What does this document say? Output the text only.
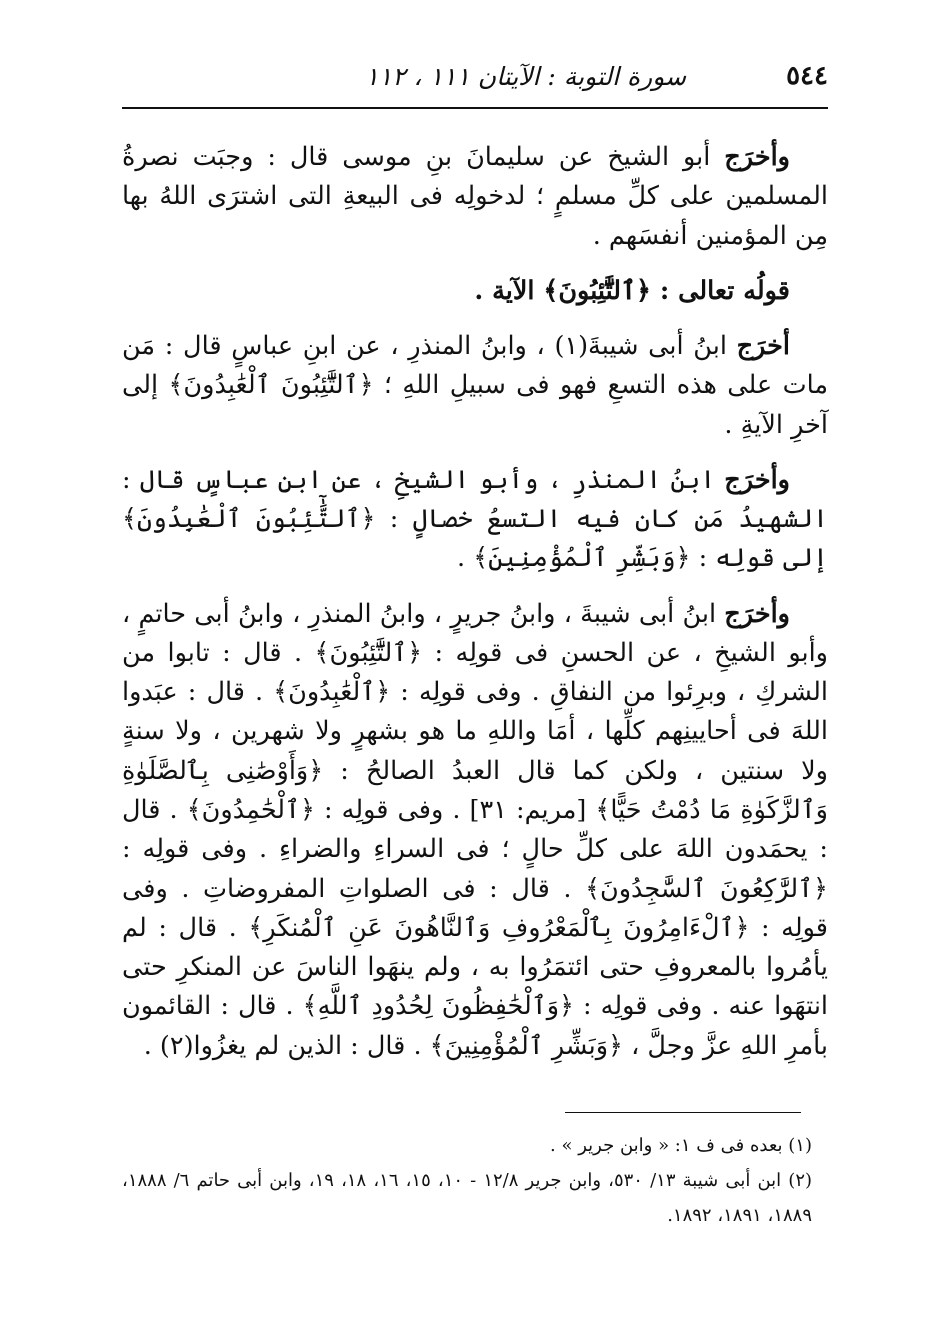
٥٤٤
سورة التوبة : الآيتان ١١١ ، ١١٢

وأخرَج أبو الشيخ عن سليمانَ بنِ موسى قال : وجبَت نصرةُ المسلمين على كلِّ مسلمٍ ؛ لدخولِه فى البيعةِ التى اشترَى اللهُ بها مِن المؤمنين أنفسَهم .

قولُه تعالى : ﴿ٱلتَّٰٓئِبُونَ﴾ الآية .

أخرَج ابنُ أبى شيبةَ(١) ، وابنُ المنذرِ ، عن ابنِ عباسٍ قال : مَن مات على هذه التسعِ فهو فى سبيلِ اللهِ ؛ ﴿ٱلتَّٰٓئِبُونَ ٱلْعَٰبِدُونَ﴾ إلى آخرِ الآيةِ .

وأخرَج ابنُ المنذرِ ، وأبو الشيخِ ، عن ابنِ عباسٍ قال : الشهيدُ مَن كان فيه التسعُ خصالٍ : ﴿ٱلتَّٰٓئِبُونَ ٱلْعَٰبِدُونَ﴾ إلى قولِه : ﴿وَبَشِّرِ ٱلْمُؤْمِنِينَ﴾ .

وأخرَج ابنُ أبى شيبةَ ، وابنُ جريرٍ ، وابنُ المنذرِ ، وابنُ أبى حاتمٍ ، وأبو الشيخِ ، عن الحسنِ فى قولِه : ﴿ٱلتَّٰٓئِبُونَ﴾ . قال : تابوا من الشركِ ، وبرِئوا من النفاقِ . وفى قولِه : ﴿ٱلْعَٰبِدُونَ﴾ . قال : عبَدوا اللهَ فى أحايينِهم كلِّها ، أمَا واللهِ ما هو بشهرٍ ولا شهرين ، ولا سنةٍ ولا سنتين ، ولكن كما قال العبدُ الصالحُ : ﴿وَأَوْصَٰنِى بِٱلصَّلَوٰةِ وَٱلزَّكَوٰةِ مَا دُمْتُ حَيًّا﴾ [مريم: ٣١] . وفى قولِه : ﴿ٱلْحَٰمِدُونَ﴾ . قال : يحمَدون اللهَ على كلِّ حالٍ ؛ فى السراءِ والضراءِ . وفى قولِه : ﴿ٱلرَّٰكِعُونَ ٱلسَّٰجِدُونَ﴾ . قال : فى الصلواتِ المفروضاتِ . وفى قولِه : ﴿ٱلْءَامِرُونَ بِٱلْمَعْرُوفِ وَٱلنَّاهُونَ عَنِ ٱلْمُنكَرِ﴾ . قال : لم يأمُروا بالمعروفِ حتى ائتمَرُوا به ، ولم ينهَوا الناسَ عن المنكرِ حتى انتهَوا عنه . وفى قولِه : ﴿وَٱلْحَٰفِظُونَ لِحُدُودِ ٱللَّهِ﴾ . قال : القائمون بأمرِ اللهِ عزَّ وجلَّ ، ﴿وَبَشِّرِ ٱلْمُؤْمِنِينَ﴾ . قال : الذين لم يغزُوا(٢) .

(١) بعده فى ف ١: « وابن جرير » .

(٢) ابن أبى شيبة ١٣/ ٥٣٠، وابن جرير ١٢/٨ - ١٠، ١٥، ١٦، ١٨، ١٩، وابن أبى حاتم ٦/ ١٨٨٨، ١٨٨٩، ١٨٩١، ١٨٩٢.
